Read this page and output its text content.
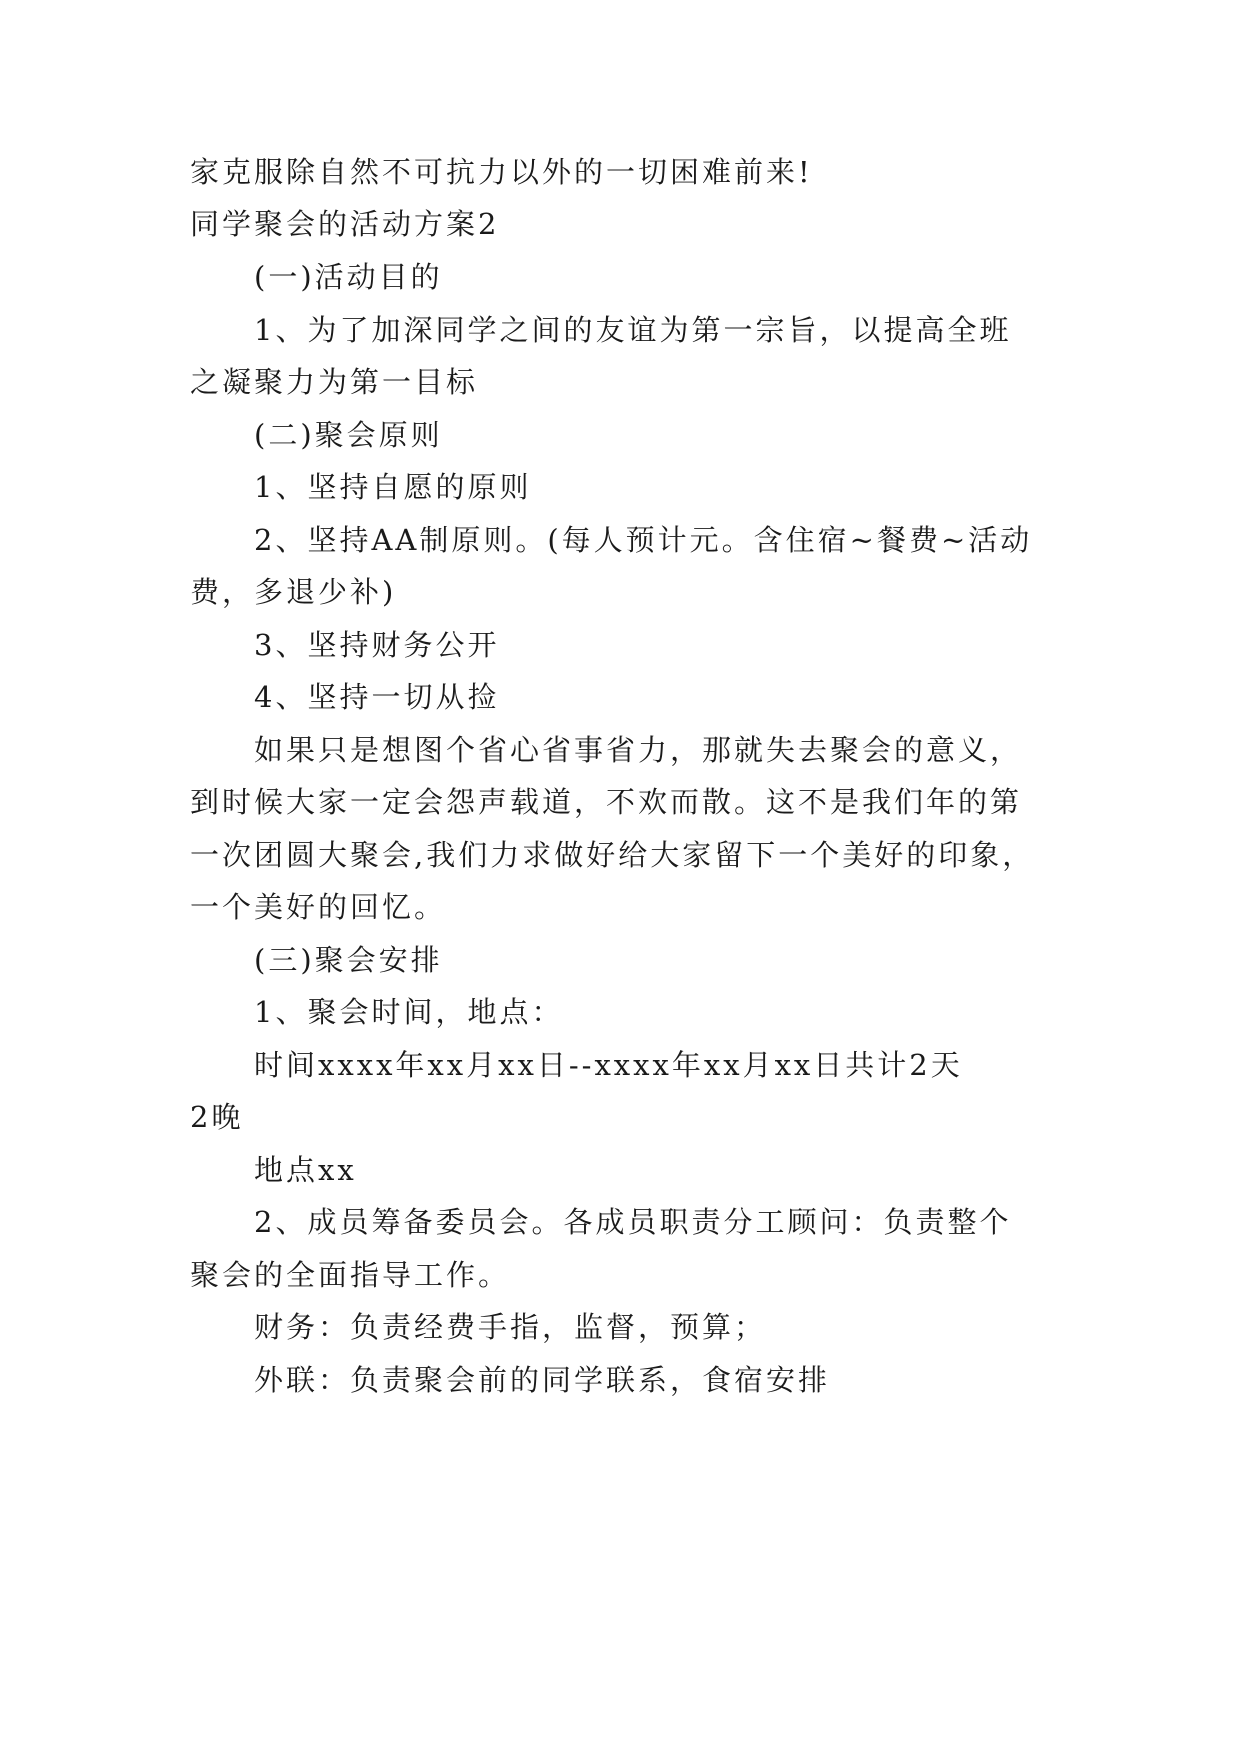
家克服除自然不可抗力以外的一切困难前来!
同学聚会的活动方案2
(一)活动目的
1、为了加深同学之间的友谊为第一宗旨，以提高全班
之凝聚力为第一目标
(二)聚会原则
1、坚持自愿的原则
2、坚持AA制原则。(每人预计元。含住宿~餐费~活动
费，多退少补)
3、坚持财务公开
4、坚持一切从捡
如果只是想图个省心省事省力，那就失去聚会的意义，
到时候大家一定会怨声载道，不欢而散。这不是我们年的第
一次团圆大聚会,我们力求做好给大家留下一个美好的印象，
一个美好的回忆。
(三)聚会安排
1、聚会时间，地点：
时间xxxx年xx月xx日--xxxx年xx月xx日共计2天
2晚
地点xx
2、成员筹备委员会。各成员职责分工顾问：负责整个
聚会的全面指导工作。
财务：负责经费手指，监督，预算；
外联：负责聚会前的同学联系，食宿安排
